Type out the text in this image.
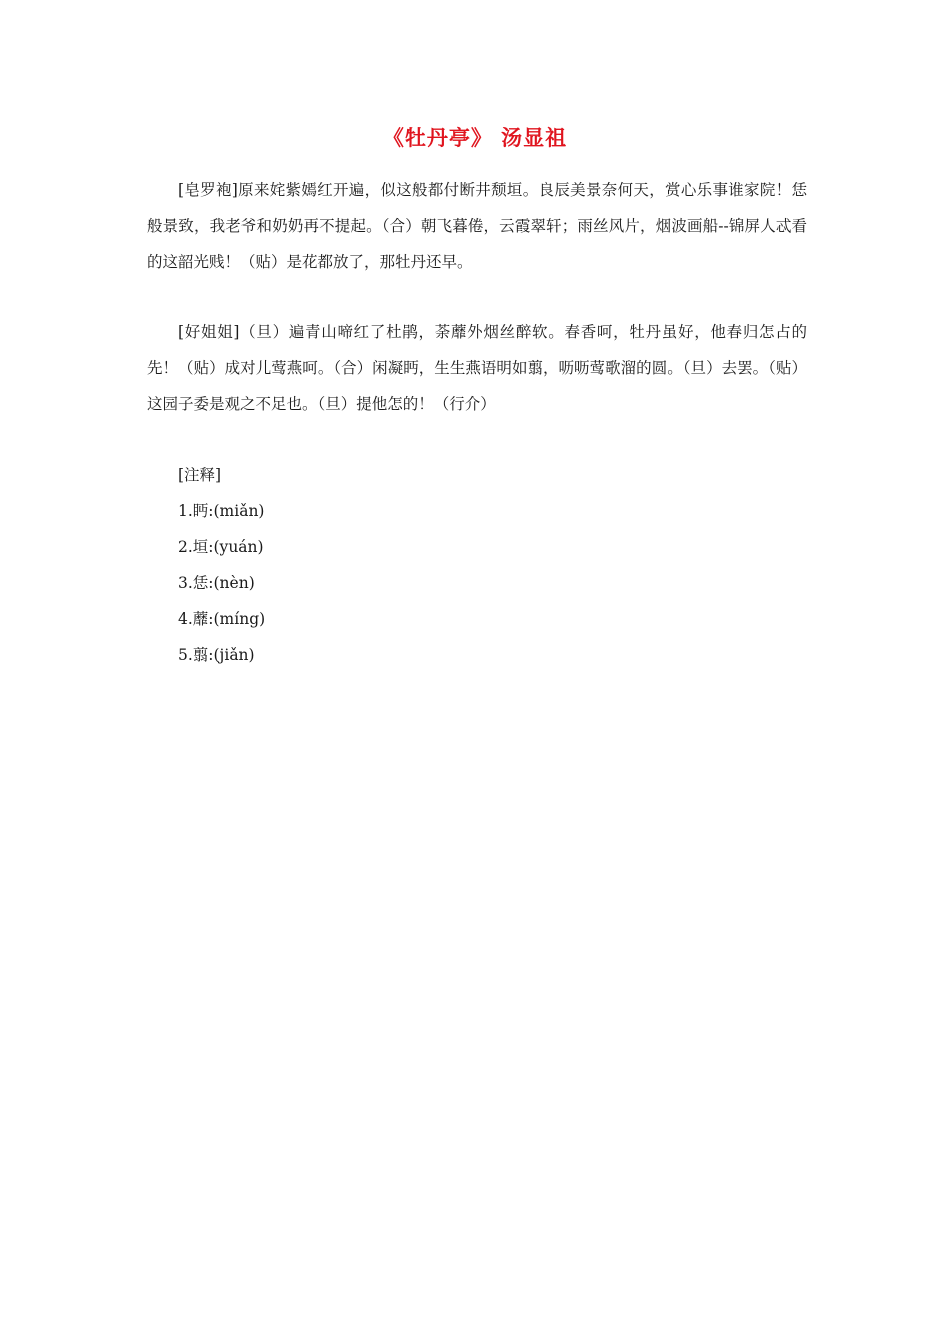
《牡丹亭》 汤显祖

[皂罗袍]原来姹紫嫣红开遍，似这般都付断井颓垣。良辰美景奈何天，赏心乐事谁家院！恁般景致，我老爷和奶奶再不提起。（合）朝飞暮倦，云霞翠轩；雨丝风片，烟波画船--锦屏人忒看的这韶光贱！（贴）是花都放了，那牡丹还早。

[好姐姐]（旦）遍青山啼红了杜鹃，荼蘼外烟丝醉软。春香呵，牡丹虽好，他春归怎占的先！（贴）成对儿莺燕呵。（合）闲凝眄，生生燕语明如翦，呖呖莺歌溜的圆。（旦）去罢。（贴）这园子委是观之不足也。（旦）提他怎的！（行介）

[注释]
1.眄:(miǎn)
2.垣:(yuán)
3.恁:(nèn)
4.蘼:(míng)
5.翦:(jiǎn)
